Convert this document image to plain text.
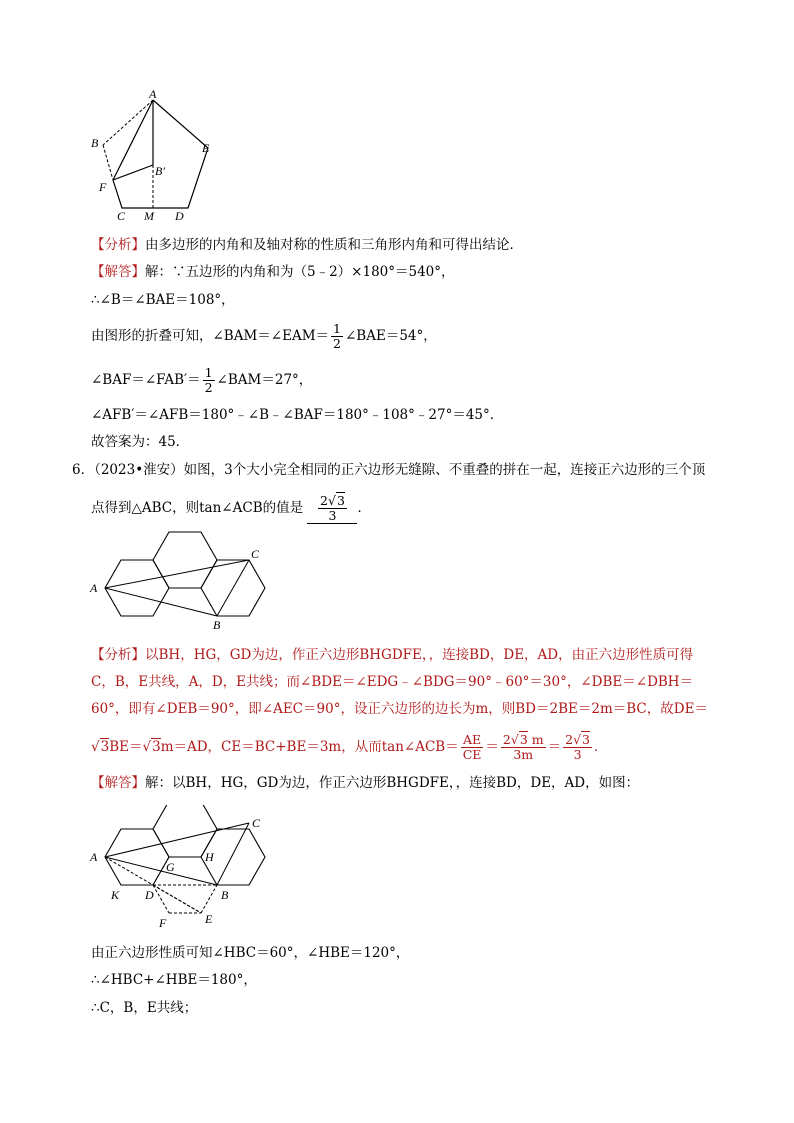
A
B	E
B′
F
C M D
【分析】由多边形的内角和及轴对称的性质和三角形内角和可得出结论．
【解答】解：∵五边形的内角和为（5﹣2）×180°＝540°，
∴∠B＝∠BAE＝108°，
由图形的折叠可知，∠BAM＝∠EAM＝ $\frac{1}{2}$ ∠BAE＝54°，
∠BAF＝∠FAB′＝ $\frac{1}{2}$ ∠BAM＝27°，
∠AFB′＝∠AFB＝180°﹣∠B﹣∠BAF＝180°﹣108°﹣27°＝45°．
故答案为：45．
6．（2023•淮安）如图，3个大小完全相同的正六边形无缝隙、不重叠的拼在一起，连接正六边形的三个顶
点得到△ABC，则tan∠ACB的值是 $\frac{2√3}{3}$ ．
A
B
C
【分析】以BH，HG，GD为边，作正六边形BHGDFE，，连接BD，DE，AD，由正六边形性质可得
C，B，E共线，A，D，E共线；而∠BDE＝∠EDG﹣∠BDG＝90°﹣60°＝30°，∠DBE＝∠DBH＝
60°，即有∠DEB＝90°，即∠AEC＝90°，设正六边形的边长为m，则BD＝2BE＝2m＝BC，故DE＝
√3BE＝√3m＝AD，CE＝BC+BE＝3m，从而tan∠ACB＝ $\frac{AE}{CE} = \frac{2√3 m}{3m} = \frac{2√3}{3}$ ．
【解答】解：以BH，HG，GD为边，作正六边形BHGDFE，，连接BD，DE，AD，如图：
A
C
G
H
K D	B
E
F
由正六边形性质可知∠HBC＝60°，∠HBE＝120°，
∴∠HBC+∠HBE＝180°，
∴C，B，E共线；
